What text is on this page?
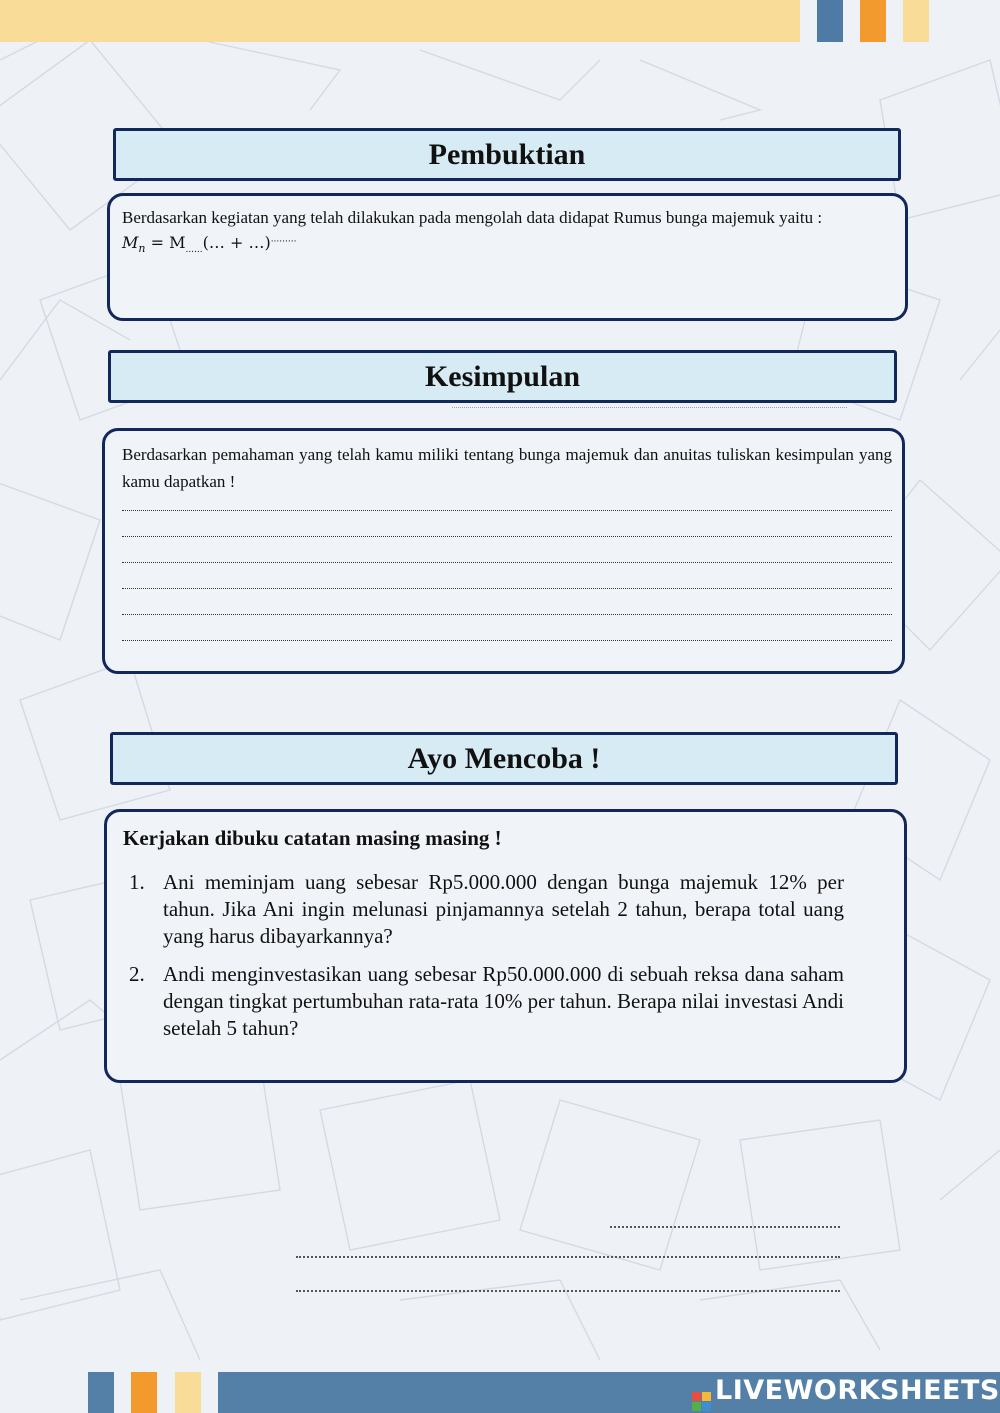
Pembuktian
Berdasarkan kegiatan yang telah dilakukan pada mengolah data didapat Rumus bunga majemuk yaitu :
$M_n$ = $M_{......}(\dots$ + …).........
Kesimpulan
Berdasarkan pemahaman yang telah kamu miliki tentang bunga majemuk dan anuitas tuliskan kesimpulan yang kamu dapatkan !
Ayo Mencoba !
Kerjakan dibuku catatan masing masing !
1. Ani meminjam uang sebesar Rp5.000.000 dengan bunga majemuk 12% per tahun. Jika Ani ingin melunasi pinjamannya setelah 2 tahun, berapa total uang yang harus dibayarkannya?
2. Andi menginvestasikan uang sebesar Rp50.000.000 di sebuah reksa dana saham dengan tingkat pertumbuhan rata-rata 10% per tahun. Berapa nilai investasi Andi setelah 5 tahun?
LIVEWORKSHEETS
